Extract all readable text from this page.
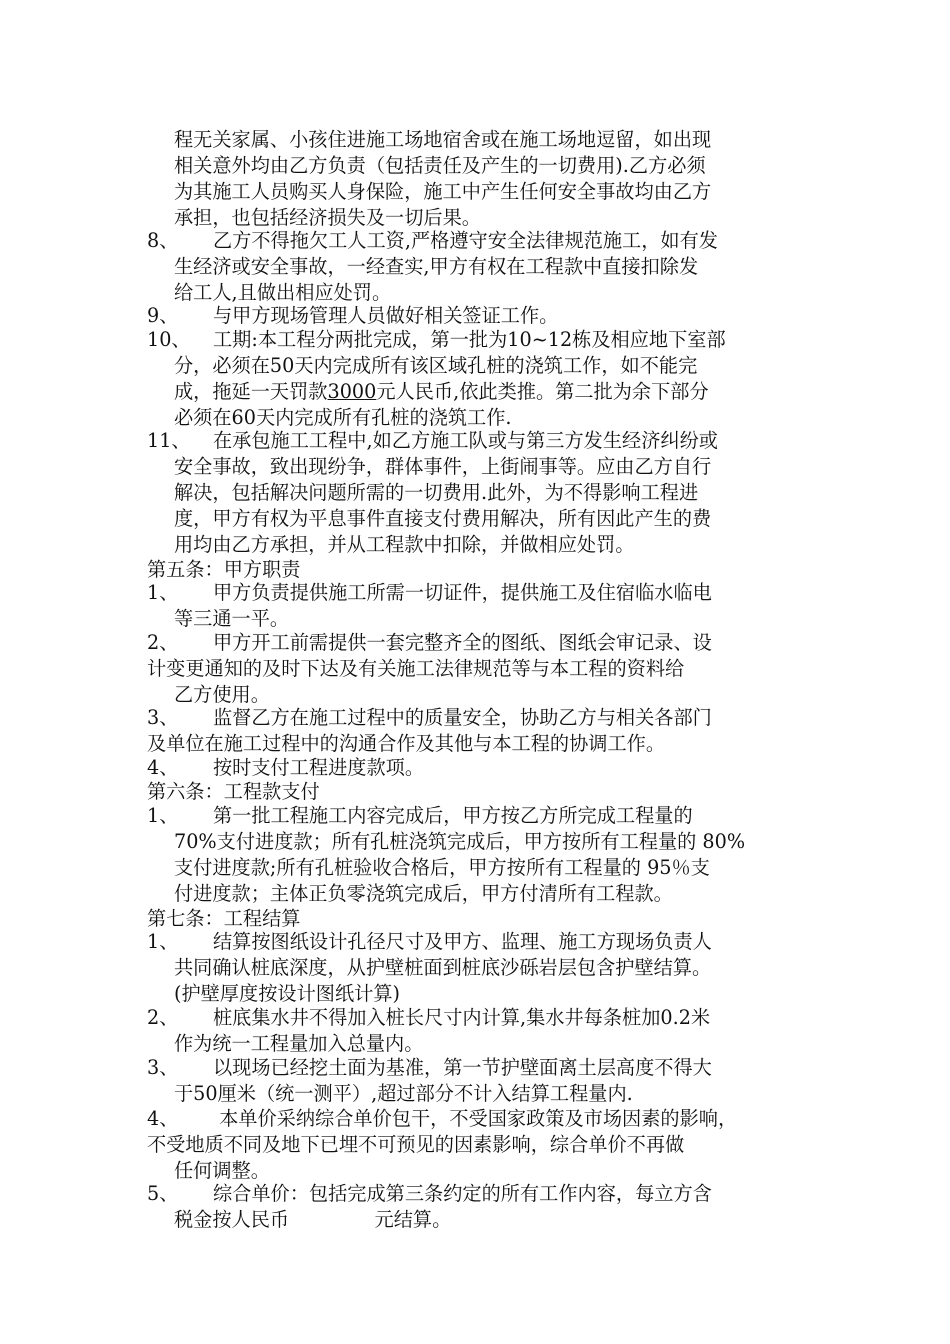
程无关家属、小孩住进施工场地宿舍或在施工场地逗留，如出现
相关意外均由乙方负责（包括责任及产生的一切费用).乙方必须
为其施工人员购买人身保险，施工中产生任何安全事故均由乙方
承担，也包括经济损失及一切后果。
8、 乙方不得拖欠工人工资,严格遵守安全法律规范施工，如有发
生经济或安全事故，一经查实,甲方有权在工程款中直接扣除发
给工人,且做出相应处罚。
9、 与甲方现场管理人员做好相关签证工作。
10、 工期:本工程分两批完成，第一批为10~12栋及相应地下室部
分，必须在50天内完成所有该区域孔桩的浇筑工作，如不能完
成，拖延一天罚款3000元人民币,依此类推。第二批为余下部分
必须在60天内完成所有孔桩的浇筑工作.
11、 在承包施工工程中,如乙方施工队或与第三方发生经济纠纷或
安全事故，致出现纷争，群体事件，上街闹事等。应由乙方自行
解决，包括解决问题所需的一切费用.此外，为不得影响工程进
度，甲方有权为平息事件直接支付费用解决，所有因此产生的费
用均由乙方承担，并从工程款中扣除，并做相应处罚。
第五条：甲方职责
1、 甲方负责提供施工所需一切证件，提供施工及住宿临水临电
等三通一平。
2、 甲方开工前需提供一套完整齐全的图纸、图纸会审记录、设
计变更通知的及时下达及有关施工法律规范等与本工程的资料给
乙方使用。
3、 监督乙方在施工过程中的质量安全，协助乙方与相关各部门
及单位在施工过程中的沟通合作及其他与本工程的协调工作。
4、 按时支付工程进度款项。
第六条：工程款支付
1、 第一批工程施工内容完成后，甲方按乙方所完成工程量的
70%支付进度款；所有孔桩浇筑完成后，甲方按所有工程量的 80%
支付进度款;所有孔桩验收合格后，甲方按所有工程量的 95％支
付进度款；主体正负零浇筑完成后，甲方付清所有工程款。
第七条：工程结算
1、 结算按图纸设计孔径尺寸及甲方、监理、施工方现场负责人
共同确认桩底深度，从护壁桩面到桩底沙砾岩层包含护壁结算。
(护壁厚度按设计图纸计算)
2、 桩底集水井不得加入桩长尺寸内计算,集水井每条桩加0.2米
作为统一工程量加入总量内。
3、 以现场已经挖土面为基准，第一节护壁面离土层高度不得大
于50厘米（统一测平）,超过部分不计入结算工程量内.
4、 本单价采纳综合单价包干，不受国家政策及市场因素的影响，
不受地质不同及地下已埋不可预见的因素影响，综合单价不再做
任何调整。
5、 综合单价：包括完成第三条约定的所有工作内容，每立方含
税金按人民币              元结算。
